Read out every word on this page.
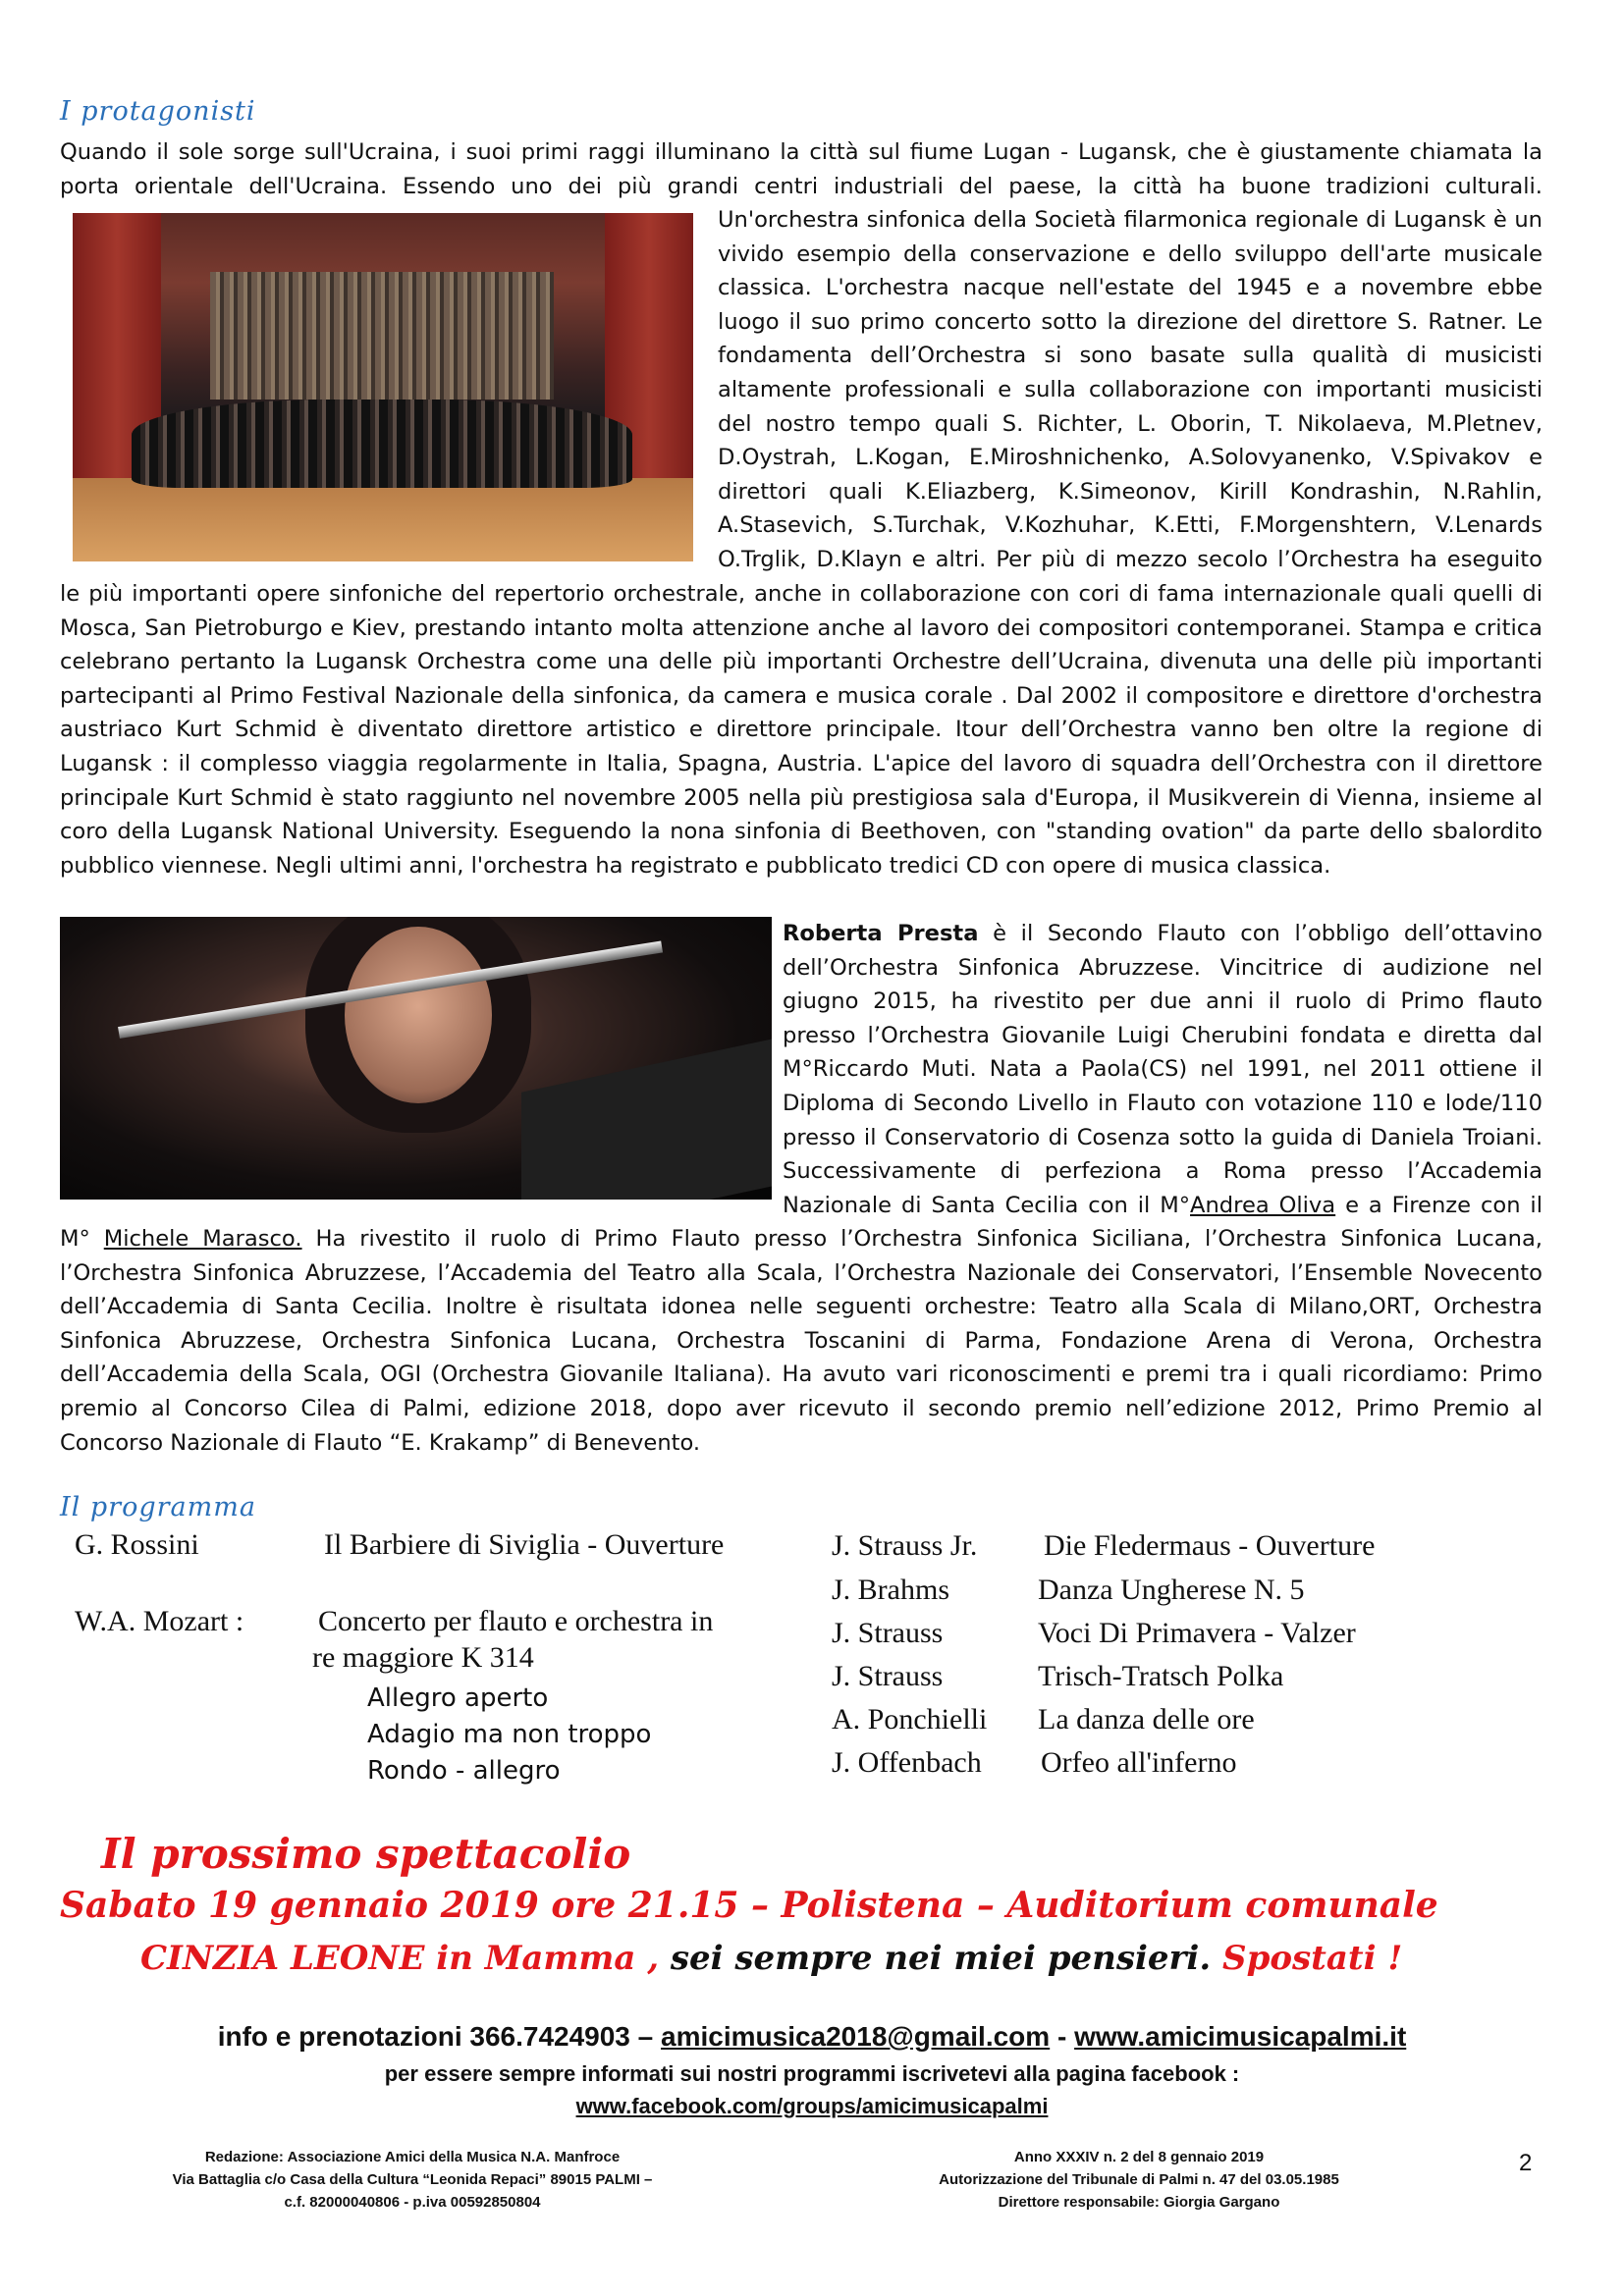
I protagonisti
Quando il sole sorge sull'Ucraina, i suoi primi raggi illuminano la città sul fiume Lugan - Lugansk, che è giustamente chiamata la
porta orientale dell'Ucraina. Essendo uno dei più grandi centri industriali del paese, la città ha buone tradizioni culturali.
Un'orchestra sinfonica della Società filarmonica regionale di Lugansk è un
vivido esempio della conservazione e dello sviluppo dell'arte musicale
classica. L'orchestra nacque nell'estate del 1945 e a novembre ebbe
luogo il suo primo concerto sotto la direzione del direttore S. Ratner. Le
fondamenta dell’Orchestra si sono basate sulla qualità di musicisti
altamente professionali e sulla collaborazione con importanti musicisti
del nostro tempo quali S. Richter, L. Oborin, T. Nikolaeva, M.Pletnev,
D.Oystrah, L.Kogan, E.Miroshnichenko, A.Solovyanenko, V.Spivakov e
direttori quali K.Eliazberg, K.Simeonov, Kirill Kondrashin, N.Rahlin,
A.Stasevich, S.Turchak, V.Kozhuhar, K.Etti, F.Morgenshtern, V.Lenards
O.Trglik, D.Klayn e altri. Per più di mezzo secolo l’Orchestra ha eseguito
le più importanti opere sinfoniche del repertorio orchestrale, anche in collaborazione con cori di fama internazionale quali quelli di
Mosca, San Pietroburgo e Kiev, prestando intanto molta attenzione anche al lavoro dei compositori contemporanei. Stampa e critica
celebrano pertanto la Lugansk Orchestra come una delle più importanti Orchestre dell’Ucraina, divenuta una delle più importanti
partecipanti al Primo Festival Nazionale della sinfonica, da camera e musica corale . Dal 2002 il compositore e direttore d'orchestra
austriaco Kurt Schmid è diventato direttore artistico e direttore principale. Itour dell’Orchestra vanno ben oltre la regione di
Lugansk : il complesso viaggia regolarmente in Italia, Spagna, Austria. L'apice del lavoro di squadra dell’Orchestra con il direttore
principale Kurt Schmid è stato raggiunto nel novembre 2005 nella più prestigiosa sala d'Europa, il Musikverein di Vienna, insieme al
coro della Lugansk National University. Eseguendo la nona sinfonia di Beethoven, con "standing ovation" da parte dello sbalordito
pubblico viennese. Negli ultimi anni, l'orchestra ha registrato e pubblicato tredici CD con opere di musica classica.
Roberta Presta è il Secondo Flauto con l’obbligo dell’ottavino
dell’Orchestra Sinfonica Abruzzese. Vincitrice di audizione nel
giugno 2015, ha rivestito per due anni il ruolo di Primo flauto
presso l’Orchestra Giovanile Luigi Cherubini fondata e diretta dal
M°Riccardo Muti. Nata a Paola(CS) nel 1991, nel 2011 ottiene il
Diploma di Secondo Livello in Flauto con votazione 110 e lode/110
presso il Conservatorio di Cosenza sotto la guida di Daniela Troiani.
Successivamente di perfeziona a Roma presso l’Accademia
Nazionale di Santa Cecilia con il M°Andrea Oliva e a Firenze con il
M° Michele Marasco. Ha rivestito il ruolo di Primo Flauto presso l’Orchestra Sinfonica Siciliana, l’Orchestra Sinfonica Lucana,
l’Orchestra Sinfonica Abruzzese, l’Accademia del Teatro alla Scala, l’Orchestra Nazionale dei Conservatori, l’Ensemble Novecento
dell’Accademia di Santa Cecilia. Inoltre è risultata idonea nelle seguenti orchestre: Teatro alla Scala di Milano,ORT, Orchestra
Sinfonica Abruzzese, Orchestra Sinfonica Lucana, Orchestra Toscanini di Parma, Fondazione Arena di Verona, Orchestra
dell’Accademia della Scala, OGI (Orchestra Giovanile Italiana). Ha avuto vari riconoscimenti e premi tra i quali ricordiamo: Primo
premio al Concorso Cilea di Palmi, edizione 2018, dopo aver ricevuto il secondo premio nell’edizione 2012, Primo Premio al
Concorso Nazionale di Flauto “E. Krakamp” di Benevento.
Il programma
G. Rossini	Il Barbiere di Siviglia - Ouverture
W.A. Mozart :	Concerto per flauto e orchestra in
re maggiore K 314
Allegro aperto
Adagio ma non troppo
Rondo - allegro
J. Strauss Jr. Die Fledermaus - Ouverture
J. Brahms	Danza Ungherese N. 5
J. Strauss	Voci Di Primavera - Valzer
J. Strauss	Trisch-Tratsch Polka
A. Ponchielli La danza delle ore
J. Offenbach Orfeo all'inferno
Il prossimo spettacolio
Sabato 19 gennaio 2019 ore 21.15 – Polistena – Auditorium comunale
CINZIA LEONE in Mamma , sei sempre nei miei pensieri. Spostati !
info e prenotazioni 366.7424903 – amicimusica2018@gmail.com - www.amicimusicapalmi.it
per essere sempre informati sui nostri programmi iscrivetevi alla pagina facebook :
www.facebook.com/groups/amicimusicapalmi
Redazione: Associazione Amici della Musica N.A. Manfroce
Via Battaglia c/o Casa della Cultura “Leonida Repaci” 89015 PALMI –
c.f. 82000040806 - p.iva 00592850804
Anno XXXIV n. 2 del 8 gennaio 2019
Autorizzazione del Tribunale di Palmi n. 47 del 03.05.1985
Direttore responsabile: Giorgia Gargano
2
